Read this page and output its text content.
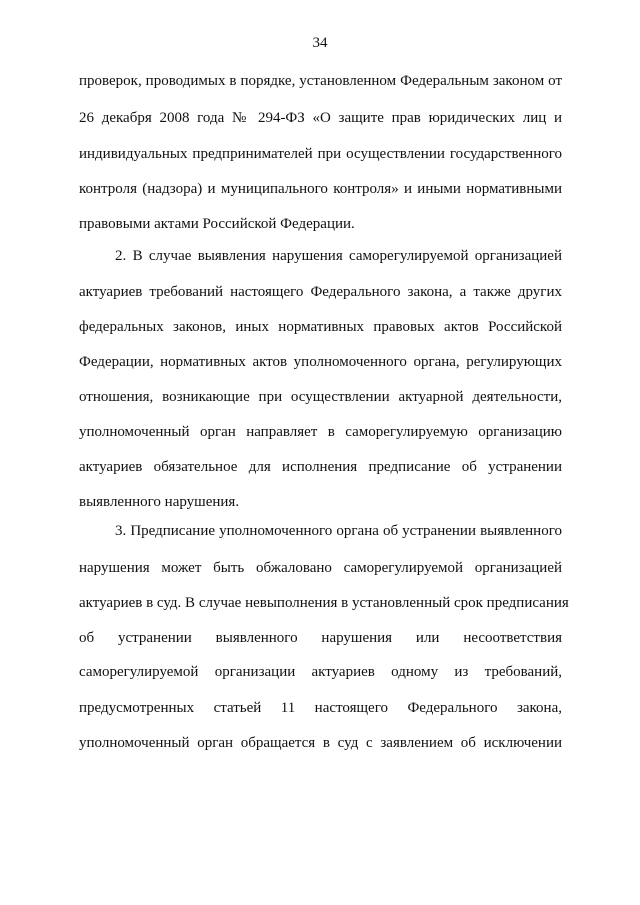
34
проверок, проводимых в порядке, установленном Федеральным законом от
26 декабря 2008 года № 294-ФЗ «О защите прав юридических лиц и
индивидуальных предпринимателей при осуществлении государственного
контроля (надзора) и муниципального контроля» и иными нормативными
правовыми актами Российской Федерации.
2. В случае выявления нарушения саморегулируемой организацией
актуариев требований настоящего Федерального закона, а также других
федеральных законов, иных нормативных правовых актов Российской
Федерации, нормативных актов уполномоченного органа, регулирующих
отношения, возникающие при осуществлении актуарной деятельности,
уполномоченный орган направляет в саморегулируемую организацию
актуариев обязательное для исполнения предписание об устранении
выявленного нарушения.
3. Предписание уполномоченного органа об устранении выявленного
нарушения может быть обжаловано саморегулируемой организацией
актуариев в суд. В случае невыполнения в установленный срок предписания
об устранении выявленного нарушения или несоответствия
саморегулируемой организации актуариев одному из требований,
предусмотренных статьей 11 настоящего Федерального закона,
уполномоченный орган обращается в суд с заявлением об исключении
